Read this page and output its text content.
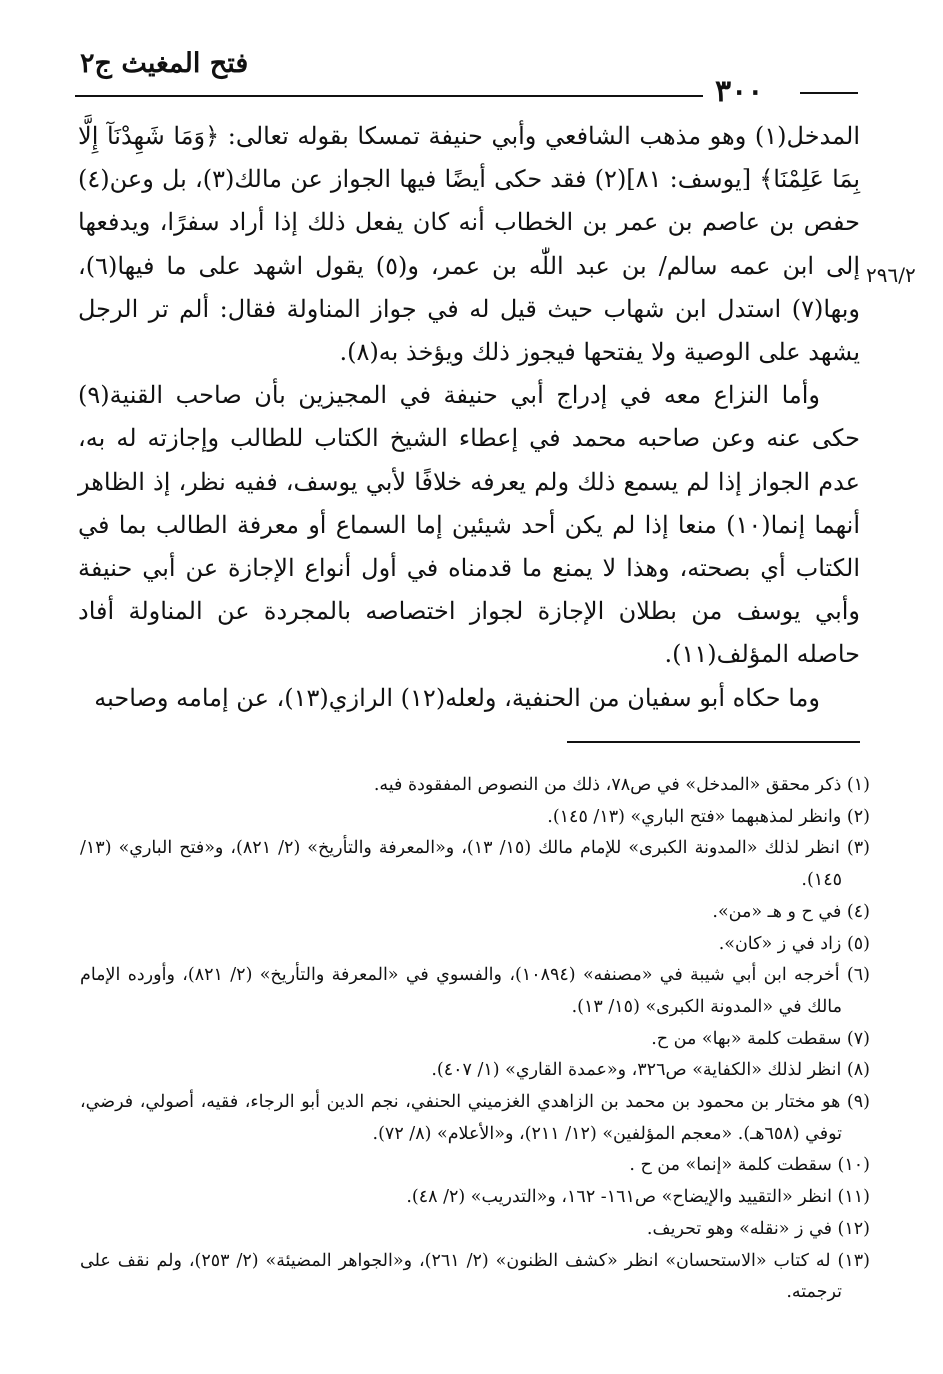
فتح المغيث ج٢
٣٠٠
٢٩٦/٢

المدخل(١) وهو مذهب الشافعي وأبي حنيفة تمسكا بقوله تعالى: ﴿وَمَا شَهِدْنَآ إِلَّا بِمَا عَلِمْنَا﴾ [يوسف: ٨١](٢) فقد حكى أيضًا فيها الجواز عن مالك(٣)، بل وعن(٤) حفص بن عاصم بن عمر بن الخطاب أنه كان يفعل ذلك إذا أراد سفرًا، ويدفعها إلى ابن عمه سالم/ بن عبد اللّٰه بن عمر، و(٥) يقول اشهد على ما فيها(٦)، وبها(٧) استدل ابن شهاب حيث قيل له في جواز المناولة فقال: ألم تر الرجل يشهد على الوصية ولا يفتحها فيجوز ذلك ويؤخذ به(٨).

وأما النزاع معه في إدراج أبي حنيفة في المجيزين بأن صاحب القنية(٩) حكى عنه وعن صاحبه محمد في إعطاء الشيخ الكتاب للطالب وإجازته له به، عدم الجواز إذا لم يسمع ذلك ولم يعرفه خلافًا لأبي يوسف، ففيه نظر، إذ الظاهر أنهما إنما(١٠) منعا إذا لم يكن أحد شيئين إما السماع أو معرفة الطالب بما في الكتاب أي بصحته، وهذا لا يمنع ما قدمناه في أول أنواع الإجازة عن أبي حنيفة وأبي يوسف من بطلان الإجازة لجواز اختصاصه بالمجردة عن المناولة أفاد حاصله المؤلف(١١).

وما حكاه أبو سفيان من الحنفية، ولعله(١٢) الرازي(١٣)، عن إمامه وصاحبه

(١) ذكر محقق «المدخل» في ص٧٨، ذلك من النصوص المفقودة فيه.
(٢) وانظر لمذهبهما «فتح الباري» (١٣/ ١٤٥).
(٣) انظر لذلك «المدونة الكبرى» للإمام مالك (١٥/ ١٣)، و«المعرفة والتأريخ» (٢/ ٨٢١)، و«فتح الباري» (١٣/ ١٤٥).
(٤) في ح و هـ «من».
(٥) زاد في ز «كان».
(٦) أخرجه ابن أبي شيبة في «مصنفه» (١٠٨٩٤)، والفسوي في «المعرفة والتأريخ» (٢/ ٨٢١)، وأورده الإمام مالك في «المدونة الكبرى» (١٥/ ١٣).
(٧) سقطت كلمة «بها» من ح.
(٨) انظر لذلك «الكفاية» ص٣٢٦، و«عمدة القاري» (١/ ٤٠٧).
(٩) هو مختار بن محمود بن محمد بن الزاهدي الغزميني الحنفي، نجم الدين أبو الرجاء، فقيه، أصولي، فرضي، توفي (٦٥٨هـ). «معجم المؤلفين» (١٢/ ٢١١)، و«الأعلام» (٨/ ٧٢).
(١٠) سقطت كلمة «إنما» من ح .
(١١) انظر «التقييد والإيضاح» ص١٦١- ١٦٢، و«التدريب» (٢/ ٤٨).
(١٢) في ز «نقله» وهو تحريف.
(١٣) له كتاب «الاستحسان» انظر «كشف الظنون» (٢/ ٢٦١)، و«الجواهر المضيئة» (٢/ ٢٥٣)، ولم نقف على ترجمته.
